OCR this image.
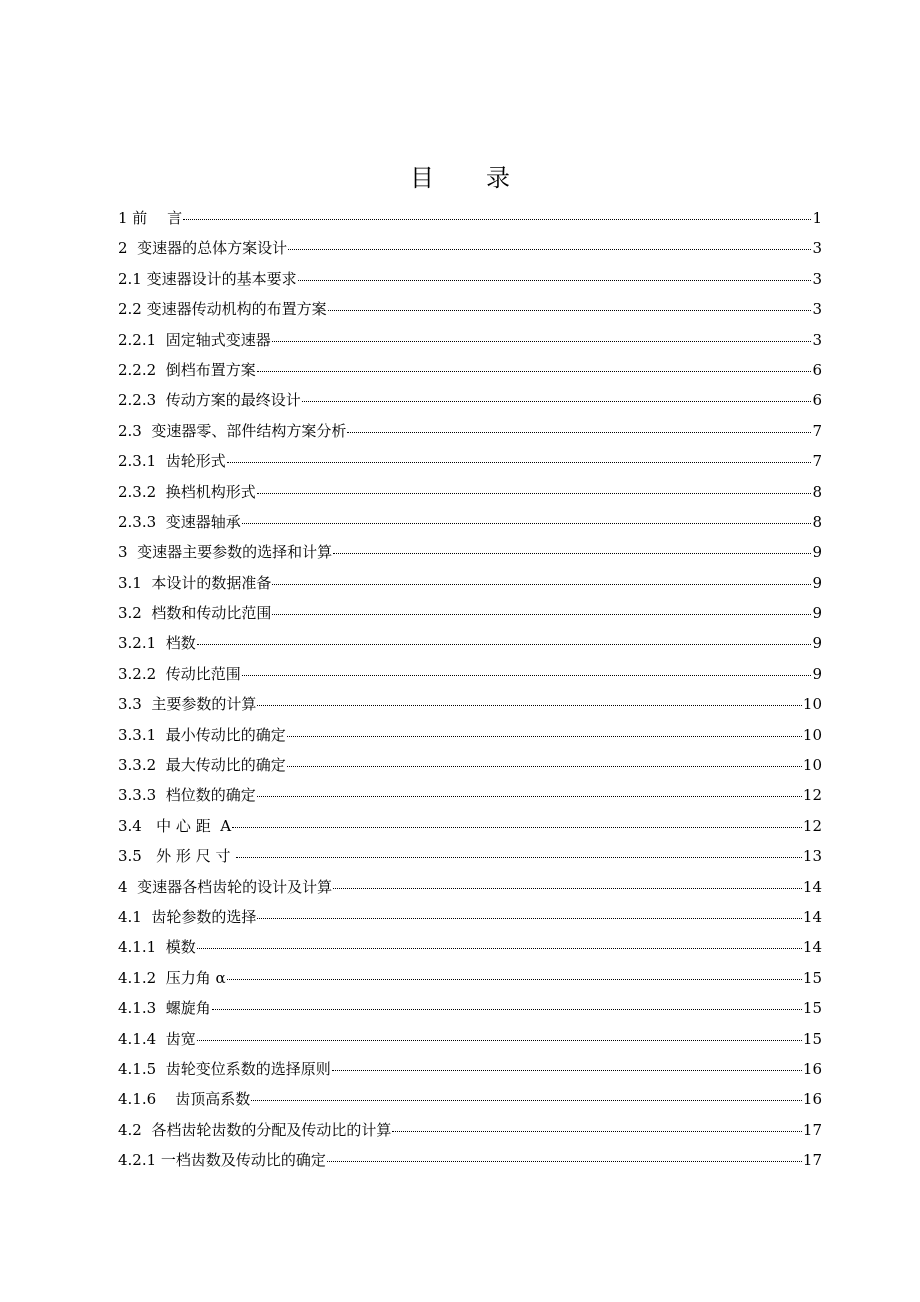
目　录
1 前　 言	1
2  变速器的总体方案设计	3
2.1 变速器设计的基本要求	3
2.2 变速器传动机构的布置方案	3
2.2.1  固定轴式变速器	3
2.2.2  倒档布置方案	6
2.2.3  传动方案的最终设计	6
2.3  变速器零、部件结构方案分析	7
2.3.1  齿轮形式	7
2.3.2  换档机构形式	8
2.3.3  变速器轴承	8
3  变速器主要参数的选择和计算	9
3.1  本设计的数据准备	9
3.2  档数和传动比范围	9
3.2.1  档数	9
3.2.2  传动比范围	9
3.3  主要参数的计算	10
3.3.1  最小传动比的确定	10
3.3.2  最大传动比的确定	10
3.3.3  档位数的确定	12
3.4   中 心 距  A	12
3.5   外 形 尺 寸	13
4  变速器各档齿轮的设计及计算	14
4.1  齿轮参数的选择	14
4.1.1  模数	14
4.1.2  压力角 α	15
4.1.3  螺旋角	15
4.1.4  齿宽	15
4.1.5  齿轮变位系数的选择原则	16
4.1.6    齿顶高系数	16
4.2  各档齿轮齿数的分配及传动比的计算	17
4.2.1 一档齿数及传动比的确定	17
